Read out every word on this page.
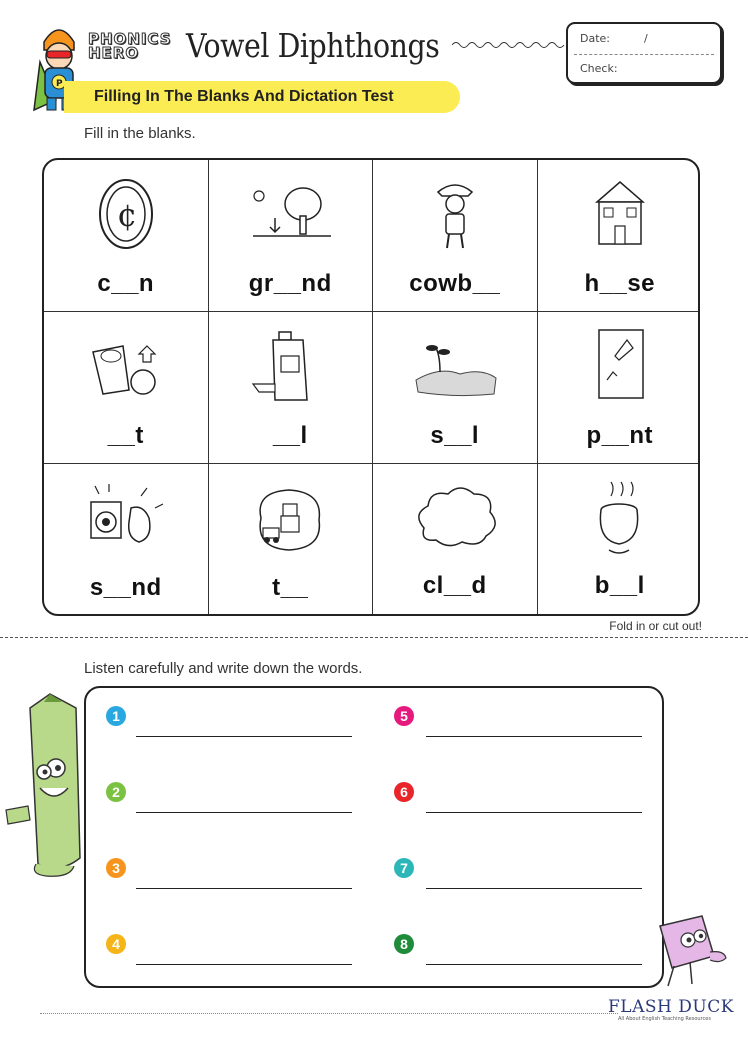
P
PHONICS
HERO	Vowel Diphthongs	Date:	/
Check:
Filling In The Blanks And Dictation Test
Fill in the blanks.
¢
c__n	gr__nd	cowb__	h__se
__t	__l	s__l	p__nt
s__nd	t__	cl__d	b__l
Fold in or cut out!
Listen carefully and write down the words.
1
2
3
4
5
6
7
8
FLASH DUCK
All About English Teaching Resources
